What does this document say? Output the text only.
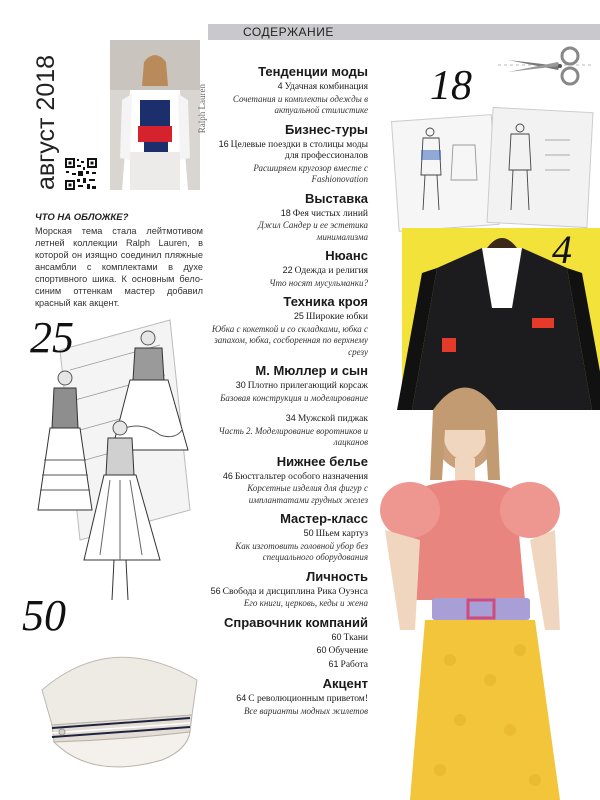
СОДЕРЖАНИЕ
Ralph Lauren
август 2018
ЧТО НА ОБЛОЖКЕ?
Морская тема стала лейтмотивом летней коллекции Ralph Lauren, в которой он изящно соединил пляжные ансамбли с комплектами в духе спортивного шика. К основным бело-синим оттенкам мастер добавил красный как акцент.
25
50
Тенденции моды
4 Удачная комбинация
Сочетания и комплекты одежды в актуальной стилистике
Бизнес-туры
16 Целевые поездки в столицы моды для профессионалов
Расширяем кругозор вместе с Fashionovation
Выставка
18 Фея чистых линий
Джил Сандер и ее эстетика минимализма
Нюанс
22 Одежда и религия
Что носят мусульманки?
Техника кроя
25 Широкие юбки
Юбка с кокеткой и со складками, юбка с запахом, юбка, сосборенная по верхнему срезу
М. Мюллер и сын
30 Плотно прилегающий корсаж
Базовая конструкция и моделирование
34 Мужской пиджак
Часть 2. Моделирование воротников и лацканов
Нижнее белье
46 Бюстгальтер особого назначения
Корсетные изделия для фигур с имплантатами грудных желез
Мастер-класс
50 Шьем картуз
Как изготовить головной убор без специального оборудования
Личность
56 Свобода и дисциплина Рика Оуэнса
Его книги, церковь, кеды и жена
Справочник компаний
60 Ткани
60 Обучение
61 Работа
Акцент
64 С революционным приветом!
Все варианты модных жилетов
18
4
